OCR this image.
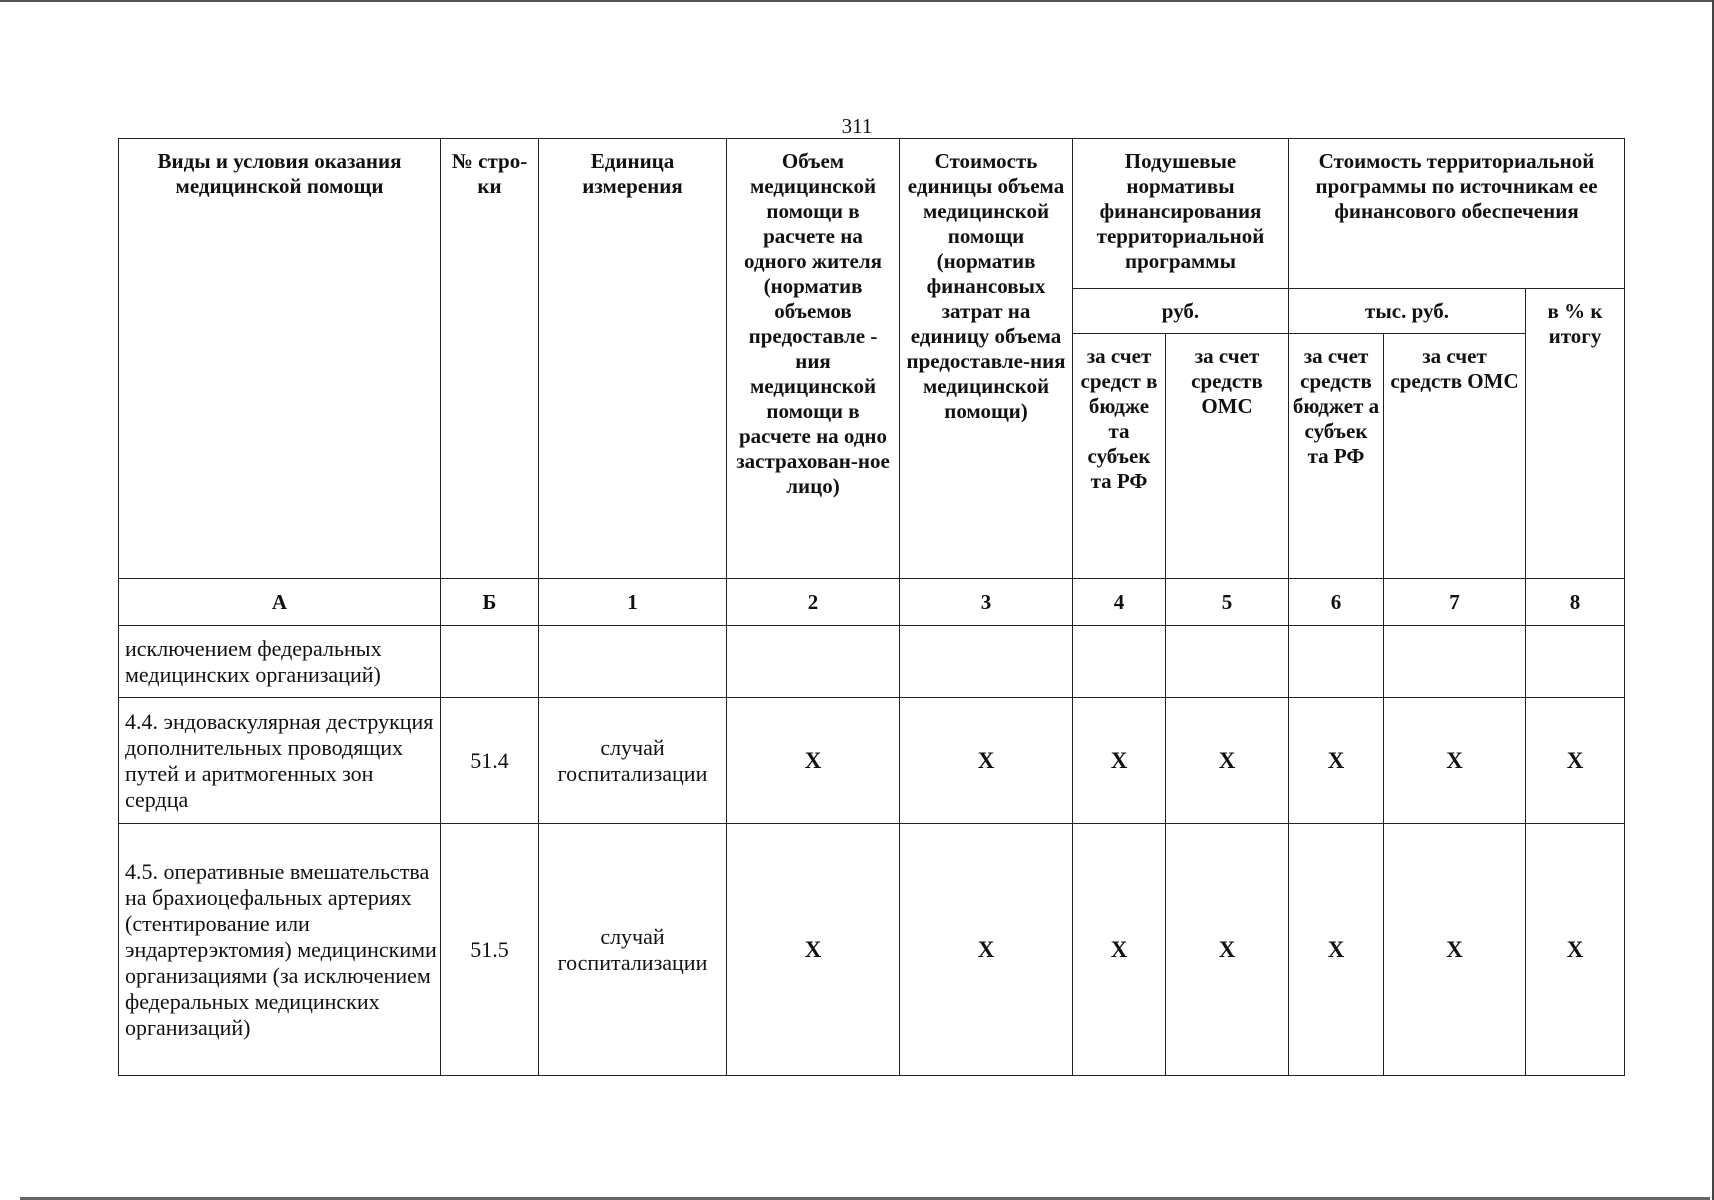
311
Виды и условия оказания медицинской помощи	№ стро-ки	Единица измерения	Объем медицинской помощи в расчете на одного жителя (норматив объемов предоставле - ния медицинской помощи в расчете на одно застрахован-ное лицо)	Стоимость единицы объема медицинской помощи (норматив финансовых затрат на единицу объема предоставле-ния медицинской помощи)	Подушевые нормативы финансирования территориальной программы		Стоимость территориальной программы по источникам ее финансового обеспечения			
					руб.		тыс. руб.		в % к итогу	
					за счет средст в бюдже та субъек та РФ	за счет средств ОМС	за счет средств бюджет а субъек та РФ	за счет средств ОМС		
А	Б	1	2	3	4	5	6	7	8	
исключением федеральных медицинских организаций)										
4.4. эндоваскулярная деструкция дополнительных проводящих путей и аритмогенных зон сердца	51.4	случай госпитализации	X	X	X	X	X	X	X	
4.5. оперативные вмешательства на брахиоцефальных артериях (стентирование или эндартерэктомия) медицинскими организациями (за исключением федеральных медицинских организаций)	51.5	случай госпитализации	X	X	X	X	X	X	X	
